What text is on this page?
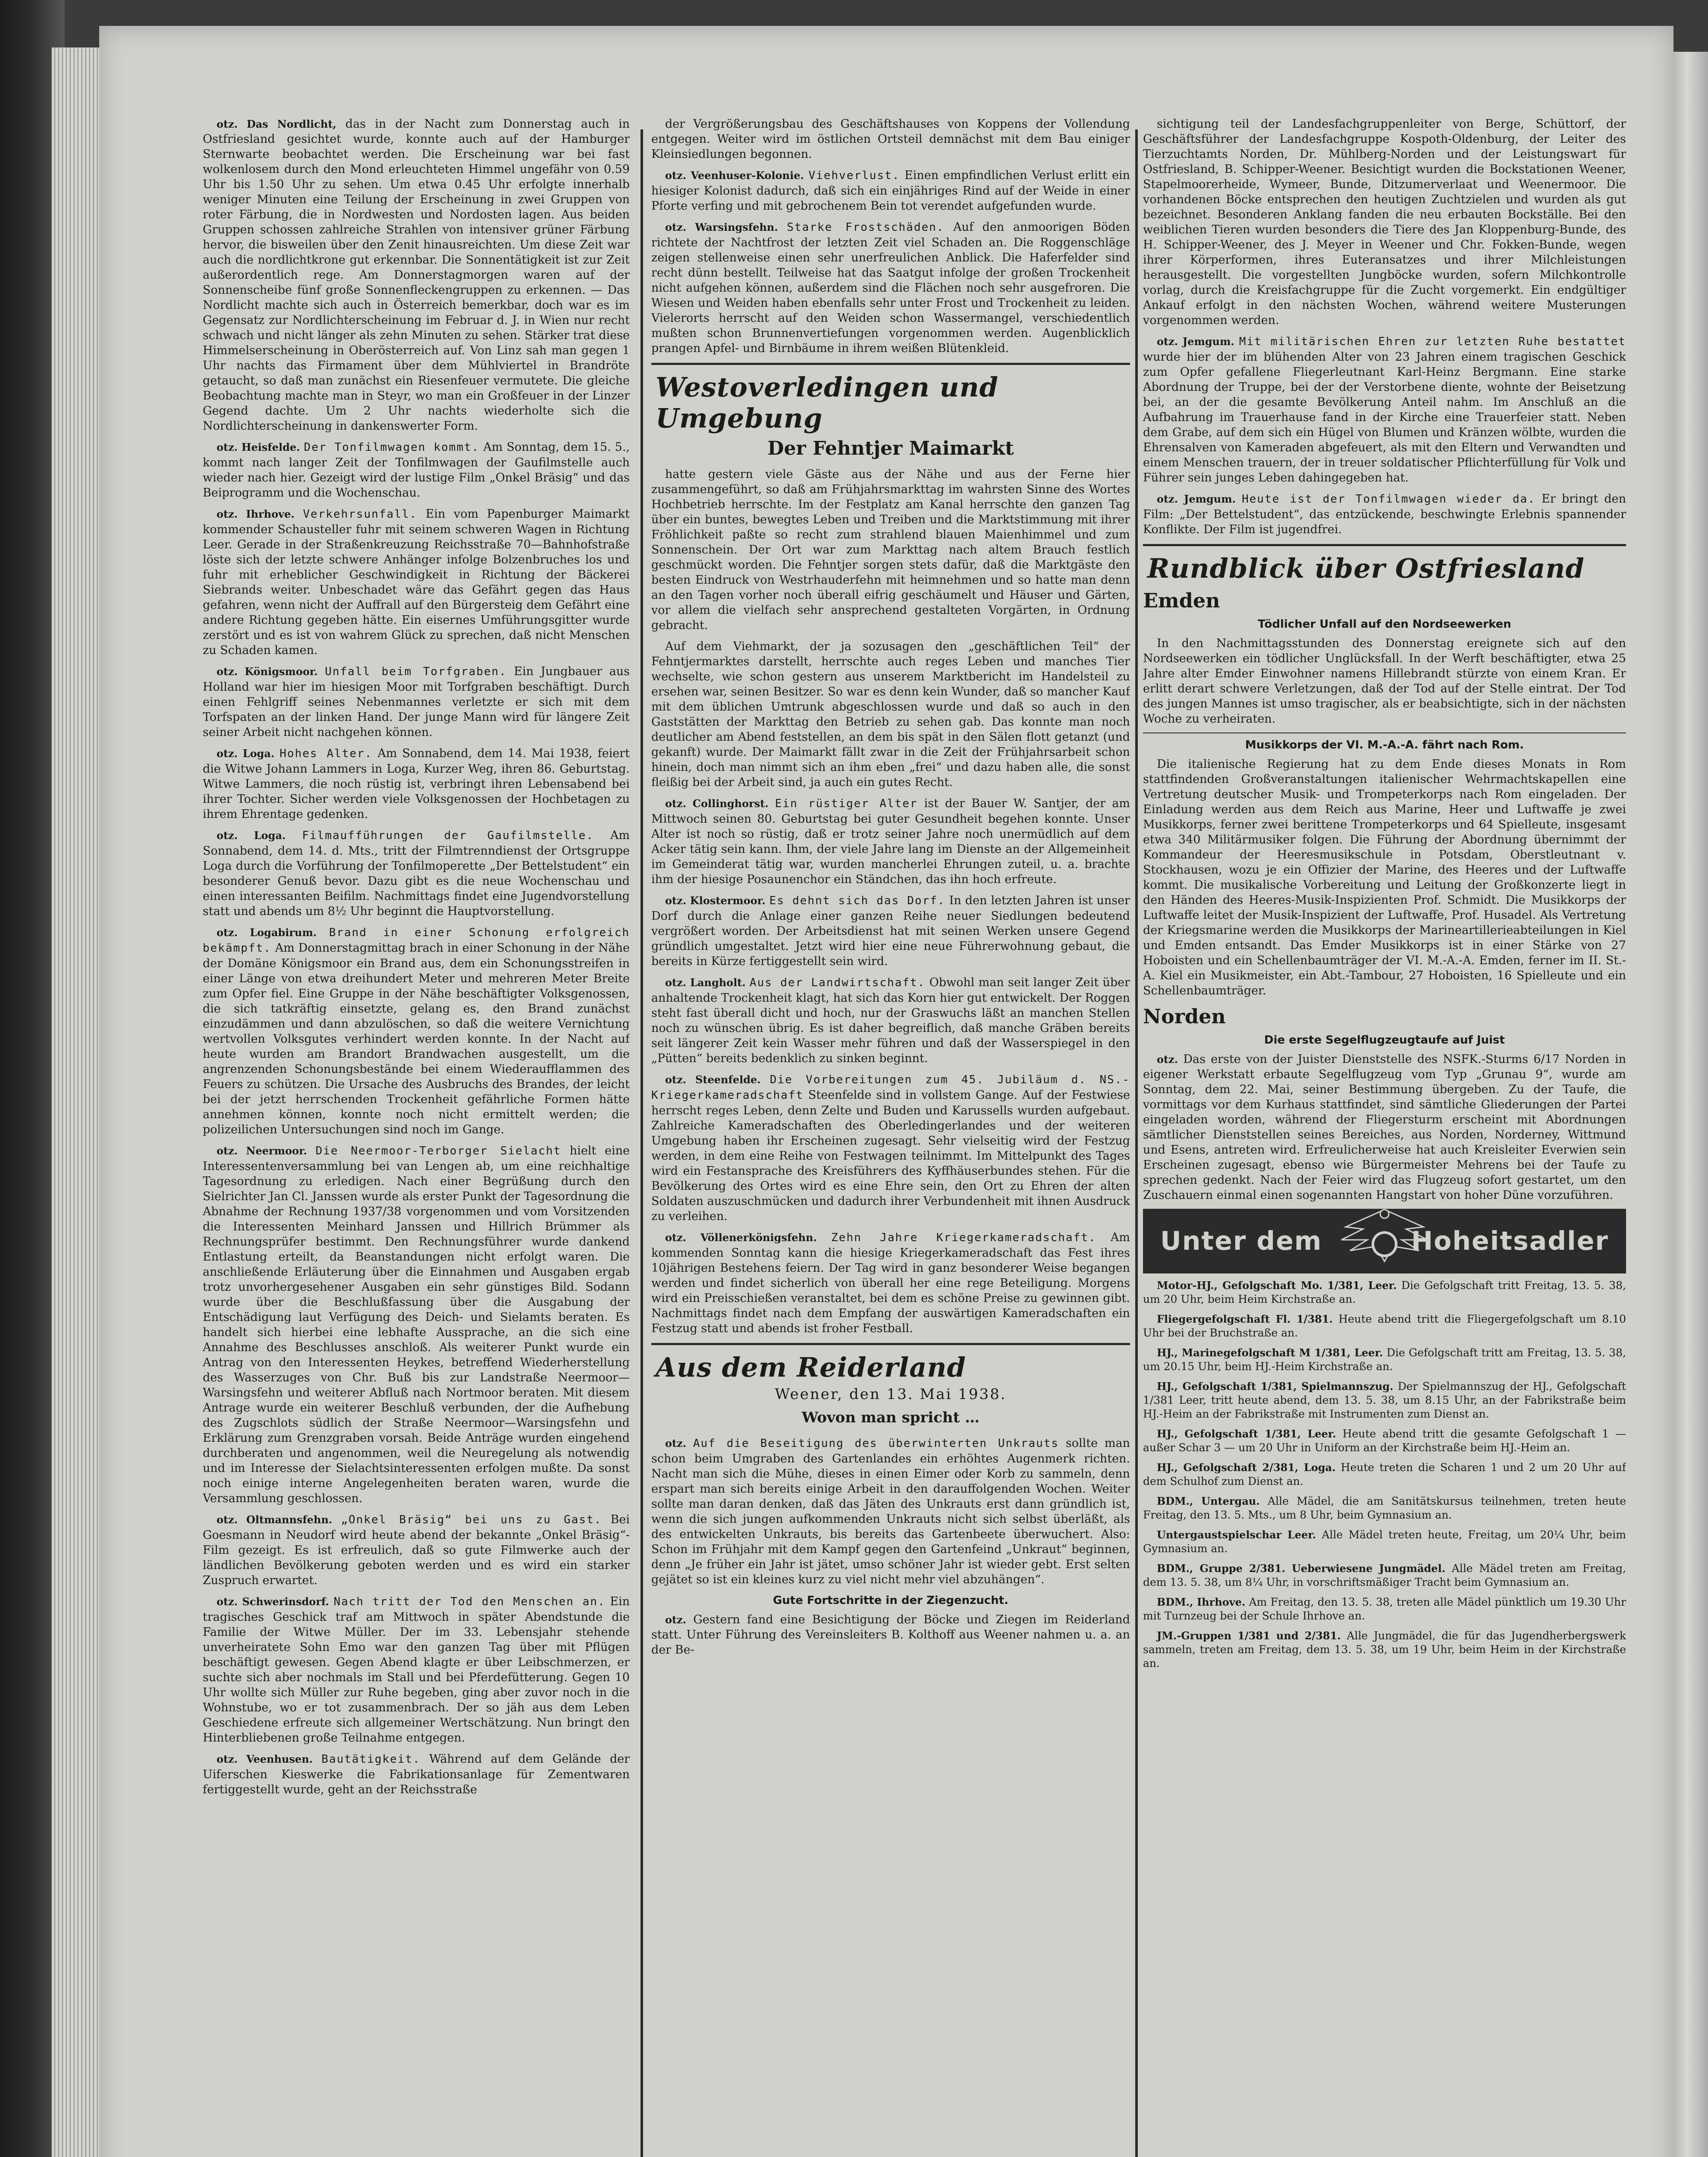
otz. Das Nordlicht, das in der Nacht zum Donnerstag auch in Ostfriesland gesichtet wurde, konnte auch auf der Hamburger Sternwarte beobachtet werden. Die Erscheinung war bei fast wolkenlosem durch den Mond erleuchteten Himmel ungefähr von 0.59 Uhr bis 1.50 Uhr zu sehen. Um etwa 0.45 Uhr erfolgte innerhalb weniger Minuten eine Teilung der Erscheinung in zwei Gruppen von roter Färbung, die in Nordwesten und Nordosten lagen. Aus beiden Gruppen schossen zahlreiche Strahlen von intensiver grüner Färbung hervor, die bisweilen über den Zenit hinausreichten. Um diese Zeit war auch die nordlichtkrone gut erkennbar. Die Sonnentätigkeit ist zur Zeit außerordentlich rege. Am Donnerstagmorgen waren auf der Sonnenscheibe fünf große Sonnenfleckengruppen zu erkennen. — Das Nordlicht machte sich auch in Österreich bemerkbar, doch war es im Gegensatz zur Nordlichterscheinung im Februar d. J. in Wien nur recht schwach und nicht länger als zehn Minuten zu sehen. Stärker trat diese Himmelserscheinung in Oberösterreich auf. Von Linz sah man gegen 1 Uhr nachts das Firmament über dem Mühlviertel in Brandröte getaucht, so daß man zunächst ein Riesenfeuer vermutete. Die gleiche Beobachtung machte man in Steyr, wo man ein Großfeuer in der Linzer Gegend dachte. Um 2 Uhr nachts wiederholte sich die Nordlichterscheinung in dankenswerter Form.

otz. Heisfelde. Der Tonfilmwagen kommt. Am Sonntag, dem 15. 5., kommt nach langer Zeit der Tonfilmwagen der Gaufilmstelle auch wieder nach hier. Gezeigt wird der lustige Film „Onkel Bräsig“ und das Beiprogramm und die Wochenschau.

otz. Ihrhove. Verkehrsunfall. Ein vom Papenburger Maimarkt kommender Schausteller fuhr mit seinem schweren Wagen in Richtung Leer. Gerade in der Straßenkreuzung Reichsstraße 70—Bahnhofstraße löste sich der letzte schwere Anhänger infolge Bolzenbruches los und fuhr mit erheblicher Geschwindigkeit in Richtung der Bäckerei Siebrands weiter. Unbeschadet wäre das Gefährt gegen das Haus gefahren, wenn nicht der Auffrall auf den Bürgersteig dem Gefährt eine andere Richtung gegeben hätte. Ein eisernes Umführungsgitter wurde zerstört und es ist von wahrem Glück zu sprechen, daß nicht Menschen zu Schaden kamen.

otz. Königsmoor. Unfall beim Torfgraben. Ein Jungbauer aus Holland war hier im hiesigen Moor mit Torfgraben beschäftigt. Durch einen Fehlgriff seines Nebenmannes verletzte er sich mit dem Torfspaten an der linken Hand. Der junge Mann wird für längere Zeit seiner Arbeit nicht nachgehen können.

otz. Loga. Hohes Alter. Am Sonnabend, dem 14. Mai 1938, feiert die Witwe Johann Lammers in Loga, Kurzer Weg, ihren 86. Geburtstag. Witwe Lammers, die noch rüstig ist, verbringt ihren Lebensabend bei ihrer Tochter. Sicher werden viele Volksgenossen der Hochbetagen zu ihrem Ehrentage gedenken.

otz. Loga. Filmaufführungen der Gaufilmstelle. Am Sonnabend, dem 14. d. Mts., tritt der Filmtrenndienst der Ortsgruppe Loga durch die Vorführung der Tonfilmoperette „Der Bettelstudent“ ein besonderer Genuß bevor. Dazu gibt es die neue Wochenschau und einen interessanten Beifilm. Nachmittags findet eine Jugendvorstellung statt und abends um 8½ Uhr beginnt die Hauptvorstellung.

otz. Logabirum. Brand in einer Schonung erfolgreich bekämpft. Am Donnerstagmittag brach in einer Schonung in der Nähe der Domäne Königsmoor ein Brand aus, dem ein Schonungsstreifen in einer Länge von etwa dreihundert Meter und mehreren Meter Breite zum Opfer fiel. Eine Gruppe in der Nähe beschäftigter Volksgenossen, die sich tatkräftig einsetzte, gelang es, den Brand zunächst einzudämmen und dann abzulöschen, so daß die weitere Vernichtung wertvollen Volksgutes verhindert werden konnte. In der Nacht auf heute wurden am Brandort Brandwachen ausgestellt, um die angrenzenden Schonungsbestände bei einem Wiederaufflammen des Feuers zu schützen. Die Ursache des Ausbruchs des Brandes, der leicht bei der jetzt herrschenden Trockenheit gefährliche Formen hätte annehmen können, konnte noch nicht ermittelt werden; die polizeilichen Untersuchungen sind noch im Gange.

otz. Neermoor. Die Neermoor-Terborger Sielacht hielt eine Interessentenversammlung bei van Lengen ab, um eine reichhaltige Tagesordnung zu erledigen. Nach einer Begrüßung durch den Sielrichter Jan Cl. Janssen wurde als erster Punkt der Tagesordnung die Abnahme der Rechnung 1937/38 vorgenommen und vom Vorsitzenden die Interessenten Meinhard Janssen und Hillrich Brümmer als Rechnungsprüfer bestimmt. Den Rechnungsführer wurde dankend Entlastung erteilt, da Beanstandungen nicht erfolgt waren. Die anschließende Erläuterung über die Einnahmen und Ausgaben ergab trotz unvorhergesehener Ausgaben ein sehr günstiges Bild. Sodann wurde über die Beschlußfassung über die Ausgabung der Entschädigung laut Verfügung des Deich- und Sielamts beraten. Es handelt sich hierbei eine lebhafte Aussprache, an die sich eine Annahme des Beschlusses anschloß. Als weiterer Punkt wurde ein Antrag von den Interessenten Heykes, betreffend Wiederherstellung des Wasserzuges von Chr. Buß bis zur Landstraße Neermoor—Warsingsfehn und weiterer Abfluß nach Nortmoor beraten. Mit diesem Antrage wurde ein weiterer Beschluß verbunden, der die Aufhebung des Zugschlots südlich der Straße Neermoor—Warsingsfehn und Erklärung zum Grenzgraben vorsah. Beide Anträge wurden eingehend durchberaten und angenommen, weil die Neuregelung als notwendig und im Interesse der Sielachtsinteressenten erfolgen mußte. Da sonst noch einige interne Angelegenheiten beraten waren, wurde die Versammlung geschlossen.

otz. Oltmannsfehn. „Onkel Bräsig“ bei uns zu Gast. Bei Goesmann in Neudorf wird heute abend der bekannte „Onkel Bräsig“-Film gezeigt. Es ist erfreulich, daß so gute Filmwerke auch der ländlichen Bevölkerung geboten werden und es wird ein starker Zuspruch erwartet.

otz. Schwerinsdorf. Nach tritt der Tod den Menschen an. Ein tragisches Geschick traf am Mittwoch in später Abendstunde die Familie der Witwe Müller. Der im 33. Lebensjahr stehende unverheiratete Sohn Emo war den ganzen Tag über mit Pflügen beschäftigt gewesen. Gegen Abend klagte er über Leibschmerzen, er suchte sich aber nochmals im Stall und bei Pferdefütterung. Gegen 10 Uhr wollte sich Müller zur Ruhe begeben, ging aber zuvor noch in die Wohnstube, wo er tot zusammenbrach. Der so jäh aus dem Leben Geschiedene erfreute sich allgemeiner Wertschätzung. Nun bringt den Hinterbliebenen große Teilnahme entgegen.

otz. Veenhusen. Bautätigkeit. Während auf dem Gelände der Uiferschen Kieswerke die Fabrikationsanlage für Zementwaren fertiggestellt wurde, geht an der Reichsstraße

der Vergrößerungsbau des Geschäftshauses von Koppens der Vollendung entgegen. Weiter wird im östlichen Ortsteil demnächst mit dem Bau einiger Kleinsiedlungen begonnen.

otz. Veenhuser-Kolonie. Viehverlust. Einen empfindlichen Verlust erlitt ein hiesiger Kolonist dadurch, daß sich ein einjähriges Rind auf der Weide in einer Pforte verfing und mit gebrochenem Bein tot verendet aufgefunden wurde.

otz. Warsingsfehn. Starke Frostschäden. Auf den anmoorigen Böden richtete der Nachtfrost der letzten Zeit viel Schaden an. Die Roggenschläge zeigen stellenweise einen sehr unerfreulichen Anblick. Die Haferfelder sind recht dünn bestellt. Teilweise hat das Saatgut infolge der großen Trockenheit nicht aufgehen können, außerdem sind die Flächen noch sehr ausgefroren. Die Wiesen und Weiden haben ebenfalls sehr unter Frost und Trockenheit zu leiden. Vielerorts herrscht auf den Weiden schon Wassermangel, verschiedentlich mußten schon Brunnenvertiefungen vorgenommen werden. Augenblicklich prangen Apfel- und Birnbäume in ihrem weißen Blütenkleid.

Westoverledingen und Umgebung
Der Fehntjer Maimarkt

hatte gestern viele Gäste aus der Nähe und aus der Ferne hier zusammengeführt, so daß am Frühjahrsmarkttag im wahrsten Sinne des Wortes Hochbetrieb herrschte. Im der Festplatz am Kanal herrschte den ganzen Tag über ein buntes, bewegtes Leben und Treiben und die Marktstimmung mit ihrer Fröhlichkeit paßte so recht zum strahlend blauen Maienhimmel und zum Sonnenschein. Der Ort war zum Markttag nach altem Brauch festlich geschmückt worden. Die Fehntjer sorgen stets dafür, daß die Marktgäste den besten Eindruck von Westrhauderfehn mit heimnehmen und so hatte man denn an den Tagen vorher noch überall eifrig geschäumelt und Häuser und Gärten, vor allem die vielfach sehr ansprechend gestalteten Vorgärten, in Ordnung gebracht.

Auf dem Viehmarkt, der ja sozusagen den „geschäftlichen Teil“ der Fehntjermarktes darstellt, herrschte auch reges Leben und manches Tier wechselte, wie schon gestern aus unserem Marktbericht im Handelsteil zu ersehen war, seinen Besitzer. So war es denn kein Wunder, daß so mancher Kauf mit dem üblichen Umtrunk abgeschlossen wurde und daß so auch in den Gaststätten der Markttag den Betrieb zu sehen gab. Das konnte man noch deutlicher am Abend feststellen, an dem bis spät in den Sälen flott getanzt (und gekanft) wurde. Der Maimarkt fällt zwar in die Zeit der Frühjahrsarbeit schon hinein, doch man nimmt sich an ihm eben „frei“ und dazu haben alle, die sonst fleißig bei der Arbeit sind, ja auch ein gutes Recht.

otz. Collinghorst. Ein rüstiger Alter ist der Bauer W. Santjer, der am Mittwoch seinen 80. Geburtstag bei guter Gesundheit begehen konnte. Unser Alter ist noch so rüstig, daß er trotz seiner Jahre noch unermüdlich auf dem Acker tätig sein kann. Ihm, der viele Jahre lang im Dienste an der Allgemeinheit im Gemeinderat tätig war, wurden mancherlei Ehrungen zuteil, u. a. brachte ihm der hiesige Posaunenchor ein Ständchen, das ihn hoch erfreute.

otz. Klostermoor. Es dehnt sich das Dorf. In den letzten Jahren ist unser Dorf durch die Anlage einer ganzen Reihe neuer Siedlungen bedeutend vergrößert worden. Der Arbeitsdienst hat mit seinen Werken unsere Gegend gründlich umgestaltet. Jetzt wird hier eine neue Führerwohnung gebaut, die bereits in Kürze fertiggestellt sein wird.

otz. Langholt. Aus der Landwirtschaft. Obwohl man seit langer Zeit über anhaltende Trockenheit klagt, hat sich das Korn hier gut entwickelt. Der Roggen steht fast überall dicht und hoch, nur der Graswuchs läßt an manchen Stellen noch zu wünschen übrig. Es ist daher begreiflich, daß manche Gräben bereits seit längerer Zeit kein Wasser mehr führen und daß der Wasserspiegel in den „Pütten“ bereits bedenklich zu sinken beginnt.

otz. Steenfelde. Die Vorbereitungen zum 45. Jubiläum d. NS.-Kriegerkameradschaft Steenfelde sind in vollstem Gange. Auf der Festwiese herrscht reges Leben, denn Zelte und Buden und Karussells wurden aufgebaut. Zahlreiche Kameradschaften des Oberledingerlandes und der weiteren Umgebung haben ihr Erscheinen zugesagt. Sehr vielseitig wird der Festzug werden, in dem eine Reihe von Festwagen teilnimmt. Im Mittelpunkt des Tages wird ein Festansprache des Kreisführers des Kyffhäuserbundes stehen. Für die Bevölkerung des Ortes wird es eine Ehre sein, den Ort zu Ehren der alten Soldaten auszuschmücken und dadurch ihrer Verbundenheit mit ihnen Ausdruck zu verleihen.

otz. Völlenerkönigsfehn. Zehn Jahre Kriegerkameradschaft. Am kommenden Sonntag kann die hiesige Kriegerkameradschaft das Fest ihres 10jährigen Bestehens feiern. Der Tag wird in ganz besonderer Weise begangen werden und findet sicherlich von überall her eine rege Beteiligung. Morgens wird ein Preisschießen veranstaltet, bei dem es schöne Preise zu gewinnen gibt. Nachmittags findet nach dem Empfang der auswärtigen Kameradschaften ein Festzug statt und abends ist froher Festball.

Aus dem Reiderland
Weener, den 13. Mai 1938.
Wovon man spricht …

otz. Auf die Beseitigung des überwinterten Unkrauts sollte man schon beim Umgraben des Gartenlandes ein erhöhtes Augenmerk richten. Nacht man sich die Mühe, dieses in einen Eimer oder Korb zu sammeln, denn erspart man sich bereits einige Arbeit in den darauffolgenden Wochen. Weiter sollte man daran denken, daß das Jäten des Unkrauts erst dann gründlich ist, wenn die sich jungen aufkommenden Unkrauts nicht sich selbst überläßt, als des entwickelten Unkrauts, bis bereits das Gartenbeete überwuchert. Also: Schon im Frühjahr mit dem Kampf gegen den Gartenfeind „Unkraut“ beginnen, denn „Je früher ein Jahr ist jätet, umso schöner Jahr ist wieder gebt. Erst selten gejätet so ist ein kleines kurz zu viel nicht mehr viel abzuhängen“.

Gute Fortschritte in der Ziegenzucht.

otz. Gestern fand eine Besichtigung der Böcke und Ziegen im Reiderland statt. Unter Führung des Vereinsleiters B. Kolthoff aus Weener nahmen u. a. an der Be-

sichtigung teil der Landesfachgruppenleiter von Berge, Schüttorf, der Geschäftsführer der Landesfachgruppe Kospoth-Oldenburg, der Leiter des Tierzuchtamts Norden, Dr. Mühlberg-Norden und der Leistungswart für Ostfriesland, B. Schipper-Weener. Besichtigt wurden die Bockstationen Weener, Stapelmoorerheide, Wymeer, Bunde, Ditzumerverlaat und Weenermoor. Die vorhandenen Böcke entsprechen den heutigen Zuchtzielen und wurden als gut bezeichnet. Besonderen Anklang fanden die neu erbauten Bockställe. Bei den weiblichen Tieren wurden besonders die Tiere des Jan Kloppenburg-Bunde, des H. Schipper-Weener, des J. Meyer in Weener und Chr. Fokken-Bunde, wegen ihrer Körperformen, ihres Euteransatzes und ihrer Milchleistungen herausgestellt. Die vorgestellten Jungböcke wurden, sofern Milchkontrolle vorlag, durch die Kreisfachgruppe für die Zucht vorgemerkt. Ein endgültiger Ankauf erfolgt in den nächsten Wochen, während weitere Musterungen vorgenommen werden.

otz. Jemgum. Mit militärischen Ehren zur letzten Ruhe bestattet wurde hier der im blühenden Alter von 23 Jahren einem tragischen Geschick zum Opfer gefallene Fliegerleutnant Karl-Heinz Bergmann. Eine starke Abordnung der Truppe, bei der der Verstorbene diente, wohnte der Beisetzung bei, an der die gesamte Bevölkerung Anteil nahm. Im Anschluß an die Aufbahrung im Trauerhause fand in der Kirche eine Trauerfeier statt. Neben dem Grabe, auf dem sich ein Hügel von Blumen und Kränzen wölbte, wurden die Ehrensalven von Kameraden abgefeuert, als mit den Eltern und Verwandten und einem Menschen trauern, der in treuer soldatischer Pflichterfüllung für Volk und Führer sein junges Leben dahingegeben hat.

otz. Jemgum. Heute ist der Tonfilmwagen wieder da. Er bringt den Film: „Der Bettelstudent“, das entzückende, beschwingte Erlebnis spannender Konflikte. Der Film ist jugendfrei.

Rundblick über Ostfriesland
Emden
Tödlicher Unfall auf den Nordseewerken

In den Nachmittagsstunden des Donnerstag ereignete sich auf den Nordseewerken ein tödlicher Unglücksfall. In der Werft beschäftigter, etwa 25 Jahre alter Emder Einwohner namens Hillebrandt stürzte von einem Kran. Er erlitt derart schwere Verletzungen, daß der Tod auf der Stelle eintrat. Der Tod des jungen Mannes ist umso tragischer, als er beabsichtigte, sich in der nächsten Woche zu verheiraten.

Musikkorps der VI. M.-A.-A. fährt nach Rom.

Die italienische Regierung hat zu dem Ende dieses Monats in Rom stattfindenden Großveranstaltungen italienischer Wehrmachtskapellen eine Vertretung deutscher Musik- und Trompeterkorps nach Rom eingeladen. Der Einladung werden aus dem Reich aus Marine, Heer und Luftwaffe je zwei Musikkorps, ferner zwei berittene Trompeterkorps und 64 Spielleute, insgesamt etwa 340 Militärmusiker folgen. Die Führung der Abordnung übernimmt der Kommandeur der Heeresmusikschule in Potsdam, Oberstleutnant v. Stockhausen, wozu je ein Offizier der Marine, des Heeres und der Luftwaffe kommt. Die musikalische Vorbereitung und Leitung der Großkonzerte liegt in den Händen des Heeres-Musik-Inspizienten Prof. Schmidt. Die Musikkorps der Luftwaffe leitet der Musik-Inspizient der Luftwaffe, Prof. Husadel. Als Vertretung der Kriegsmarine werden die Musikkorps der Marineartillerieabteilungen in Kiel und Emden entsandt. Das Emder Musikkorps ist in einer Stärke von 27 Hoboisten und ein Schellenbaumträger der VI. M.-A.-A. Emden, ferner im II. St.-A. Kiel ein Musikmeister, ein Abt.-Tambour, 27 Hoboisten, 16 Spielleute und ein Schellenbaumträger.

Norden
Die erste Segelflugzeugtaufe auf Juist

otz. Das erste von der Juister Dienststelle des NSFK.-Sturms 6/17 Norden in eigener Werkstatt erbaute Segelflugzeug vom Typ „Grunau 9“, wurde am Sonntag, dem 22. Mai, seiner Bestimmung übergeben. Zu der Taufe, die vormittags vor dem Kurhaus stattfindet, sind sämtliche Gliederungen der Partei eingeladen worden, während der Fliegersturm erscheint mit Abordnungen sämtlicher Dienststellen seines Bereiches, aus Norden, Norderney, Wittmund und Esens, antreten wird. Erfreulicherweise hat auch Kreisleiter Everwien sein Erscheinen zugesagt, ebenso wie Bürgermeister Mehrens bei der Taufe zu sprechen gedenkt. Nach der Feier wird das Flugzeug sofort gestartet, um den Zuschauern einmal einen sogenannten Hangstart von hoher Düne vorzuführen.

Unter dem	Hoheitsadler

Motor-HJ., Gefolgschaft Mo. 1/381, Leer. Die Gefolgschaft tritt Freitag, 13. 5. 38, um 20 Uhr, beim Heim Kirchstraße an.

Fliegergefolgschaft Fl. 1/381. Heute abend tritt die Fliegergefolgschaft um 8.10 Uhr bei der Bruchstraße an.

HJ., Marinegefolgschaft M 1/381, Leer. Die Gefolgschaft tritt am Freitag, 13. 5. 38, um 20.15 Uhr, beim HJ.-Heim Kirchstraße an.

HJ., Gefolgschaft 1/381, Spielmannszug. Der Spielmannszug der HJ., Gefolgschaft 1/381 Leer, tritt heute abend, dem 13. 5. 38, um 8.15 Uhr, an der Fabrikstraße beim HJ.-Heim an der Fabrikstraße mit Instrumenten zum Dienst an.

HJ., Gefolgschaft 1/381, Leer. Heute abend tritt die gesamte Gefolgschaft 1 — außer Schar 3 — um 20 Uhr in Uniform an der Kirchstraße beim HJ.-Heim an.

HJ., Gefolgschaft 2/381, Loga. Heute treten die Scharen 1 und 2 um 20 Uhr auf dem Schulhof zum Dienst an.

BDM., Untergau. Alle Mädel, die am Sanitätskursus teilnehmen, treten heute Freitag, den 13. 5. Mts., um 8 Uhr, beim Gymnasium an.

Untergaustspielschar Leer. Alle Mädel treten heute, Freitag, um 20¼ Uhr, beim Gymnasium an.

BDM., Gruppe 2/381. Ueberwiesene Jungmädel. Alle Mädel treten am Freitag, dem 13. 5. 38, um 8¼ Uhr, in vorschriftsmäßiger Tracht beim Gymnasium an.

BDM., Ihrhove. Am Freitag, den 13. 5. 38, treten alle Mädel pünktlich um 19.30 Uhr mit Turnzeug bei der Schule Ihrhove an.

JM.-Gruppen 1/381 und 2/381. Alle Jungmädel, die für das Jugendherbergswerk sammeln, treten am Freitag, dem 13. 5. 38, um 19 Uhr, beim Heim in der Kirchstraße an.
